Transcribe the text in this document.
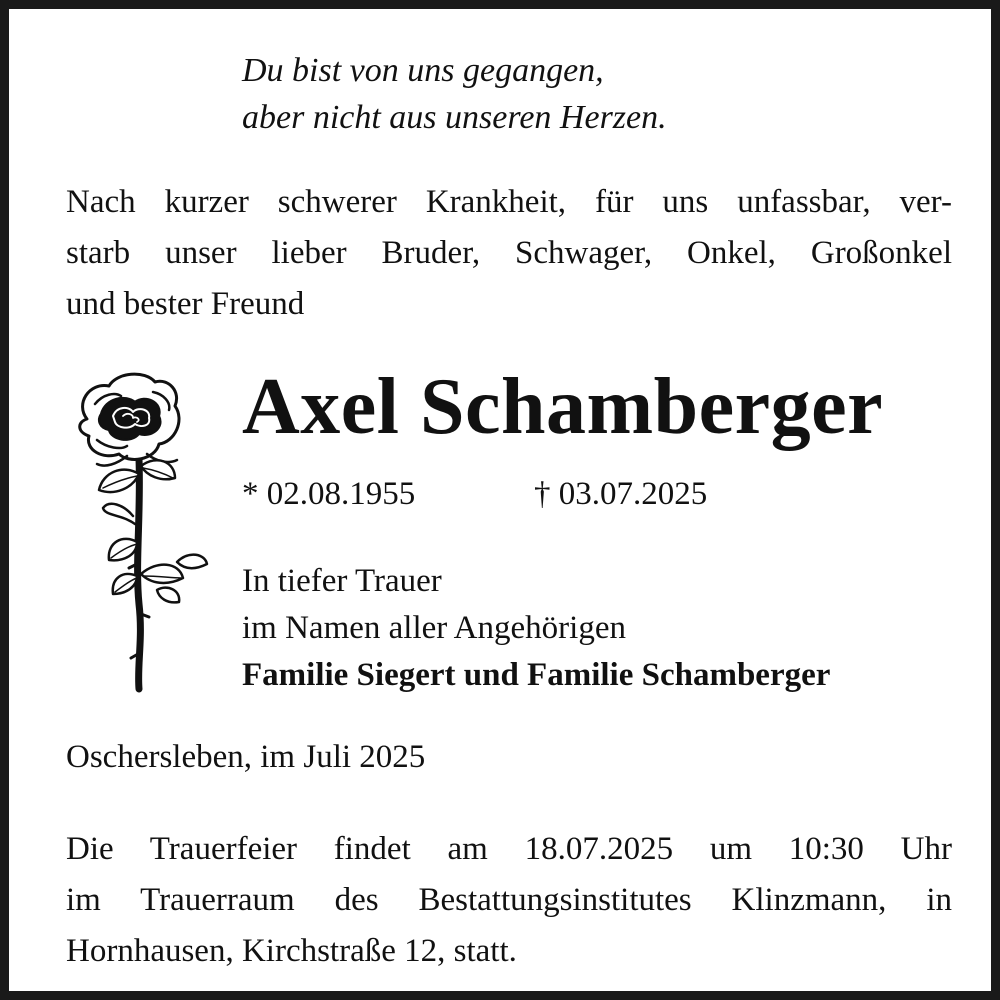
Du bist von uns gegangen,
aber nicht aus unseren Herzen.
Nach kurzer schwerer Krankheit, für uns unfassbar, ver-
starb unser lieber Bruder, Schwager, Onkel, Großonkel
und bester Freund
Axel Schamberger
* 02.08.1955	† 03.07.2025
In tiefer Trauer
im Namen aller Angehörigen
Familie Siegert und Familie Schamberger
Oschersleben, im Juli 2025
Die Trauerfeier findet am 18.07.2025 um 10:30 Uhr
im Trauerraum des Bestattungsinstitutes Klinzmann, in
Hornhausen, Kirchstraße 12, statt.
